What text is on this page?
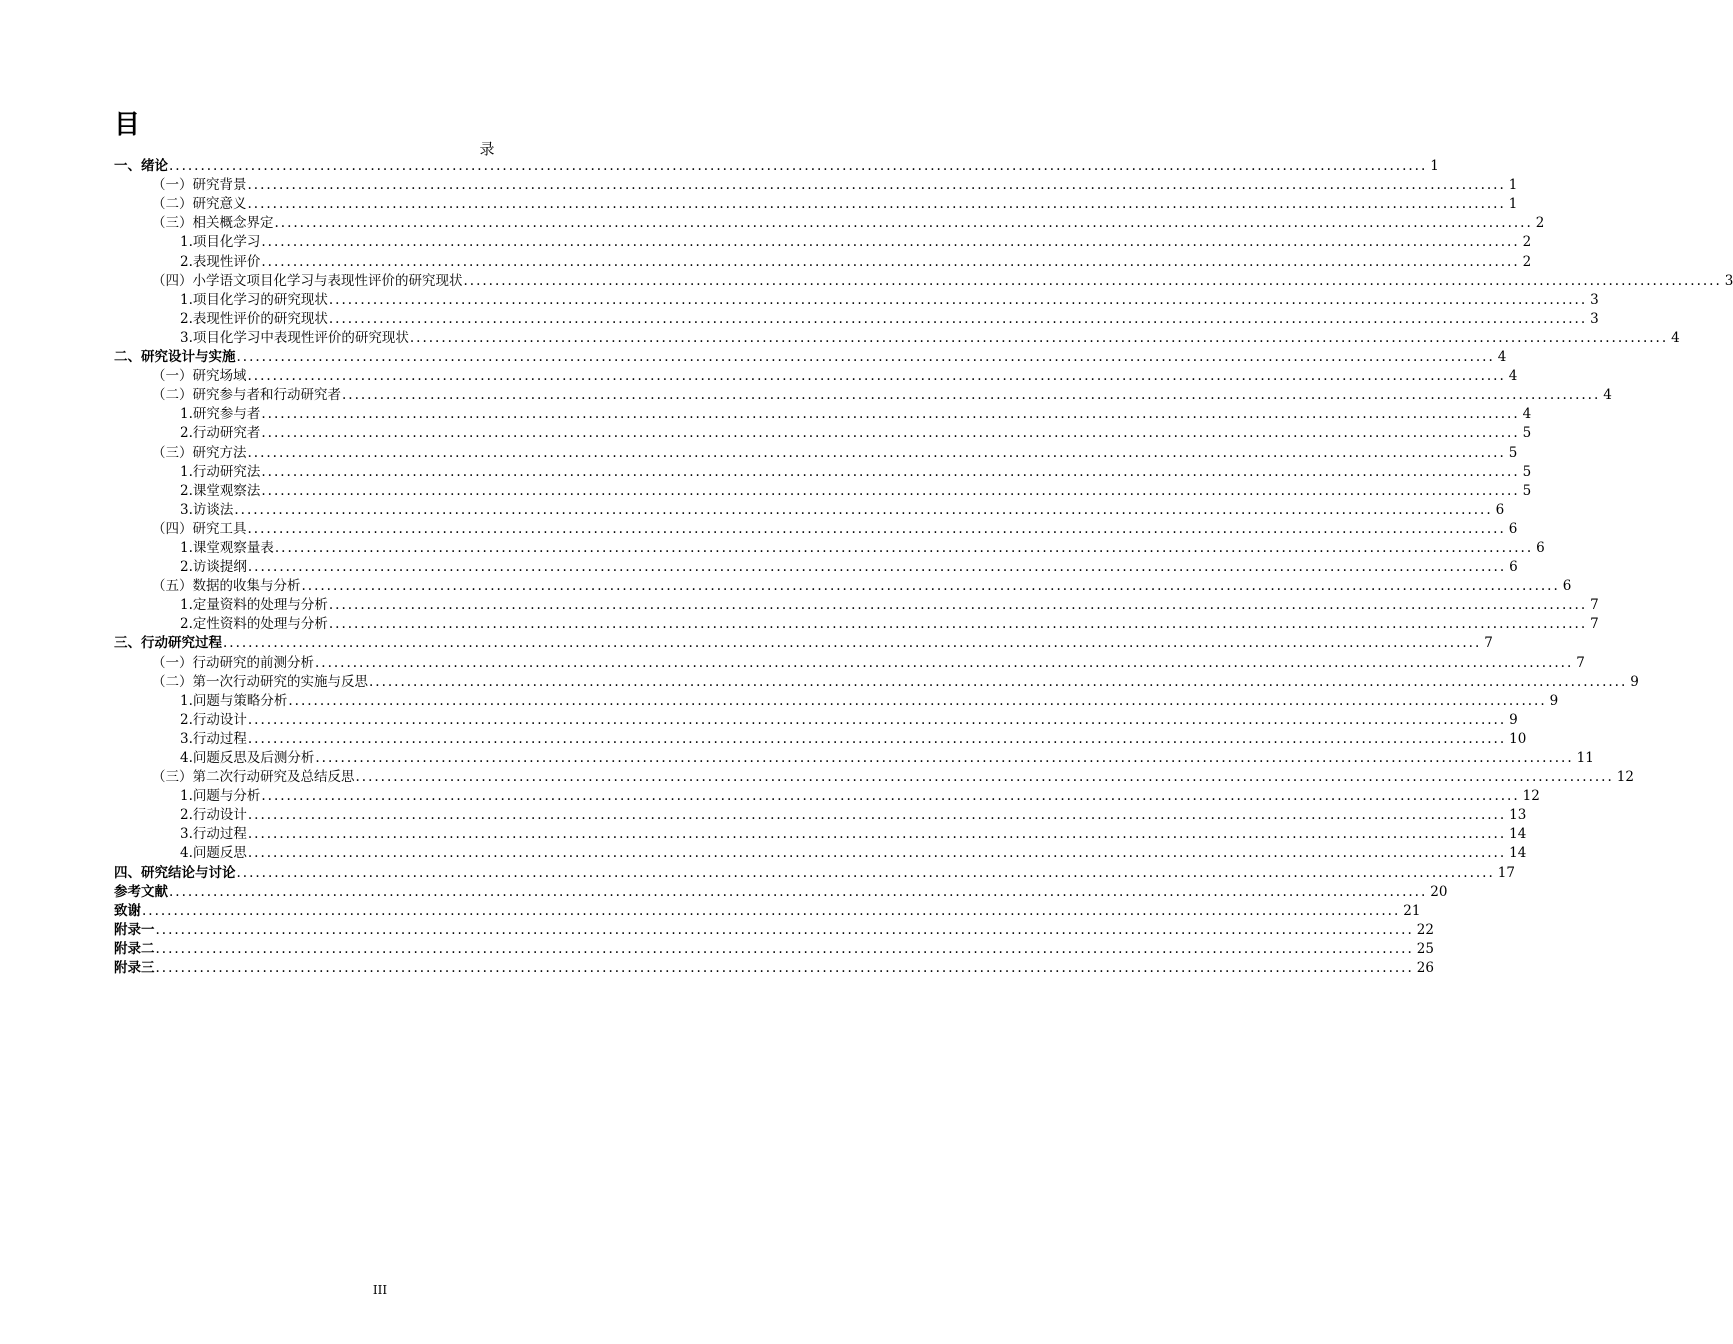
目
录
一、绪论 ........................................................................................................................................................................................................ 1
（一）研究背景 ........................................................................................................................................................................................................ 1
（二）研究意义 ........................................................................................................................................................................................................ 1
（三）相关概念界定 ........................................................................................................................................................................................................ 2
1.项目化学习 ........................................................................................................................................................................................................ 2
2.表现性评价 ........................................................................................................................................................................................................ 2
（四）小学语文项目化学习与表现性评价的研究现状 ........................................................................................................................................................................................................ 3
1.项目化学习的研究现状 ........................................................................................................................................................................................................ 3
2.表现性评价的研究现状 ........................................................................................................................................................................................................ 3
3.项目化学习中表现性评价的研究现状 ........................................................................................................................................................................................................ 4
二、研究设计与实施 ........................................................................................................................................................................................................ 4
（一）研究场域 ........................................................................................................................................................................................................ 4
（二）研究参与者和行动研究者 ........................................................................................................................................................................................................ 4
1.研究参与者 ........................................................................................................................................................................................................ 4
2.行动研究者 ........................................................................................................................................................................................................ 5
（三）研究方法 ........................................................................................................................................................................................................ 5
1.行动研究法 ........................................................................................................................................................................................................ 5
2.课堂观察法 ........................................................................................................................................................................................................ 5
3.访谈法 ........................................................................................................................................................................................................ 6
（四）研究工具 ........................................................................................................................................................................................................ 6
1.课堂观察量表 ........................................................................................................................................................................................................ 6
2.访谈提纲 ........................................................................................................................................................................................................ 6
（五）数据的收集与分析 ........................................................................................................................................................................................................ 6
1.定量资料的处理与分析 ........................................................................................................................................................................................................ 7
2.定性资料的处理与分析 ........................................................................................................................................................................................................ 7
三、行动研究过程 ........................................................................................................................................................................................................ 7
（一）行动研究的前测分析 ........................................................................................................................................................................................................ 7
（二）第一次行动研究的实施与反思 ........................................................................................................................................................................................................ 9
1.问题与策略分析 ........................................................................................................................................................................................................ 9
2.行动设计 ........................................................................................................................................................................................................ 9
3.行动过程 ........................................................................................................................................................................................................ 10
4.问题反思及后测分析 ........................................................................................................................................................................................................ 11
（三）第二次行动研究及总结反思 ........................................................................................................................................................................................................ 12
1.问题与分析 ........................................................................................................................................................................................................ 12
2.行动设计 ........................................................................................................................................................................................................ 13
3.行动过程 ........................................................................................................................................................................................................ 14
4.问题反思 ........................................................................................................................................................................................................ 14
四、研究结论与讨论 ........................................................................................................................................................................................................ 17
参考文献 ........................................................................................................................................................................................................ 20
致谢 ........................................................................................................................................................................................................ 21
附录一 ........................................................................................................................................................................................................ 22
附录二 ........................................................................................................................................................................................................ 25
附录三 ........................................................................................................................................................................................................ 26
III
